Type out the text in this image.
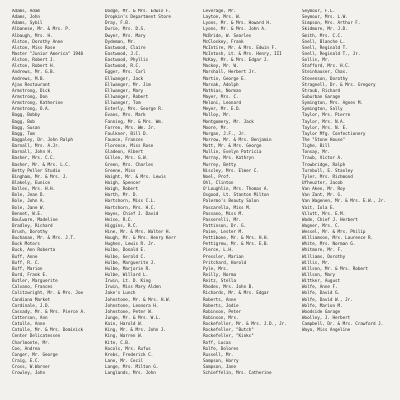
Adams, Adam
Adams, John
Adams, Sybil
Albanese, Mr. & Mrs. P.
Albaugh, Mrs. H.
Alston, Dorothy Anne
Alston, Miss Rose
Master "Junior America" 1940
Alston, Robert J.
Alston, Robert H.
Andrews, Mr. G.B.
Andrews, M.B.
Ajax Restaurant
Armstrong, Dick
Armstrong, Don
Armstrong, Katherine
Armstrong, O.A.
Bagg, Bobby
Bagg, Bob
Bagg, Susan
Bagg, Tom
Baggaley, Dr. John Ralph
Barnall, Mrs. A.Jr.
Barnall, John H.
Basher, Mrs. C.C.
Basher, Mr. & Mrs. L.C.
Betty Peller Studio
Bingham, Mr. & Mrs. J.
Blakely, Eunice
Bolles, Mrs. H.H.
Bole, Jean D.
Bole, John A.
Bole, Jane W.
Bennet, W.E.
Boulware, Madeline
Bradley, Richard
Brush, Dorothy
Buchanan, Mr. & Mrs. J.T.
Buck Motors
Buck, Ann Roberta
Buff, Anne
Buff, R. C.
Buff, Marion
Burd, Frank E.
Butler, Marguerite
Calvano, Frances
Calitzwright, Mr. & Mrs. Joe
Candiana Market
Cardinale, J.D.
Cassady, Mr. & Mrs. Pierce A.
Catterson, Ann
Catalle, Anne
Catalle, Mr. & Mrs. Dominick
Center Delicatessen
Charlmonte, Mr.
Coe, Andrea
Conger, Mr. George
Craig, E.C.
Cross, W.Warner
Crowley, John
Dodge, Mr. & Mrs. Edwin F.
Dropkin's Department Store
Dray, F.B.
Durie, Mrs. D.S.
Dwyer, Mrs. Mary
Dydeman, Mr.
Eastwood, Claire
Eastwood, J.C.
Eastwood, Phyllis
Eastwood, R.C.
Egger, Mrs. Carl
Ellwanger, Jack
Ellwanger, Mr. Jim
Ellwanger, Mary
Ellwanger, Robert
Ellwanger, Tom
Esterly, Mrs. George R.
Evans, Mrs. Mark
Fanning, Mr. & Mrs. Wm.
Farren, Mrs. Wm. Jr.
Faulkner, Bill D.
Faunce, Frances
Florence, Miss Rose
Gladeon, Albert
Gillen, Mrs. G.W.
Green, Mrs. Charles
Greene, Miss
Haight, Mr. & Mrs. Lewis
Haigh, Spencer
Haigh, Robert
Harth, Mr. D.
Hartshorn, Miss C.L.
Hartshorn, Mrs. H.C.
Hayes, Chief J. David
Heise, R.C.
Higgins, R.C.
Hine, Mr. & Mrs. Walter H.
Hough, Mr. & Mrs. Henry Kerr
Hughes, Lewis R. Jr.
Hulbe, Donald E.
Hulbe, Gerald C.
Hulbe, Marguerite J.
Hulbe, Marjorie R.
Hulbe, Willard L.
Irwin, Lt. D. King
Irwin, Miss Mary Alden
Jake's Lunch
Johnstone, Mr. & Mrs. H.W.
Johnstone, Leonora H.
Johnstone, Peter W.
Junge, Mr. & Mrs. W.L.
Kain, Harold W.
King, Mr. & Mrs. John J.
King, Warren W.
Kite, C.B.
Kocols, Mrs. Rufus
Krebs, Frederick C.
Lane, Mr. Cecil
Lange, Mrs. Milton G.
Langlands, Mrs. John
Leverage, Mr.
Layton, Mrs. W.
Lyons, Mr. & Mrs. Howard H.
Lyons, Mr. & Mrs. John A.
McBride, W. Searles
McCloskey, Frank
McIntire, Mr. & Mrs. Edwin F.
McIntosh, Lt. & Mrs. Henry, III
McKay, Mr. & Mrs. Edgar J.
Mackey, Mr. W.
Marshall, Herbert Jr.
Martin, George E.
Marsak, Adolph
Mathias, Norman
Mayer, Mrs. C.
Meloni, Leonard
Meyer, Mr. E.D.
Molloy, Mr.
Montgomery, Mr. Jack
Moore, Mr.
Morgan, J.F., Jr.
Morrow, Mr. & Mrs. Benjamin
Mott, Mr. & Mrs. George
Mullin, Evelyn Patricia
Murray, Mrs. Kathryn
Murrey, Betty
Nissley, Mrs. Elmer C.
Noel, Prof.
Ohl, Clinton
O'Loughlin, Mrs. Thomas A.
Osgood, Lt. Stanton Milton
Palermo's Beauty Salon
Pascarella, Miss M.
Passano, Miss M.
Passerelli, Mr.
Pattinson, Dr. G.
Paine, Lester M.
Pettibone, Mr. & Mrs. H.H.
Pettigrew, Mr. & Mrs. E.B.
Pierce, L.H.
Pressler, Marian
Pritchard, Harold
Pyle, Mrs.
Reilly, Norma
Reitz, Stella
Rhodes, Mrs. John B.
Richards, Mr. & Mrs. Edgar
Roberts, Anne
Roberts, Jodie
Robinson, Peter
Robinson, Mrs.
Rockefeller, Mr. & Mrs. J.D., Jr.
Rockefeller, "Butch"
Rockefeller, "Kinks"
Roff, Lucas
Rolfe, Dolores
Russell, Mr.
Sampson, Harry
Sampson, Jane
Schieffelin, Mrs. Catherine
Seymour, F.L.
Seymour, Mrs. L.W.
Simpson, Mrs. Arthur F.
Skidmore, Mr. J.D.
Smith, Mrs. C.C.
Snell, Blanche L.
Snell, Reginald T.
Snell, Reginald T., Jr.
Sollis, Mr.
Stafford, Mrs. H.C.
Steinhauser, Chas.
Stevenson, Dorothy
Stragnell, Dr. & Mrs. Gregory
Straub, Richard
Suburban Garage
Symington, Mrs. Agnes M.
Symington, Sally
Taylor, Mrs. Pierre
Taylor, Mrs. N.A.
Taylor, Mrs. N. E.
Taylor Mfg. Confectionery
The "Stone House"
Tighe, Bill
Tonsay, Mr.
Traub, Victor A.
Trowbridge, Ralph
Turnbull, E. Stanley
Tyler, Mrs. Richmond
Ufheuzter, Jacob
Van Aken, Mr. Roy
Van Zant, Mr. G.
Van Wagenen, Mr. & Mrs. E.W., Jr.
Vait, Iola E.
Vilutt, Mrs. E.M.
Wade, Chief J. Herbert
Wagner, Mrs. C.
Wessel, Mr. & Mrs. Philip
Williamson, Mrs. Laurence R.
White, Mrs. Norman G.
Whitmore, Mr. F.
Williams, Dorothy
Willis, Mr.
Willson, Mr. & Mrs. Robert
Willson, Mary
Wittker, August
Wolfe, Anne F.
Wolfe, David G.
Wolfe, David W., Jr.
Wolfe, Marion M.
Woodside Garage
Woolley, J. Herbert
Campbell, Dr. & Mrs. Crawford J.
Wayo, Miss Angeline
